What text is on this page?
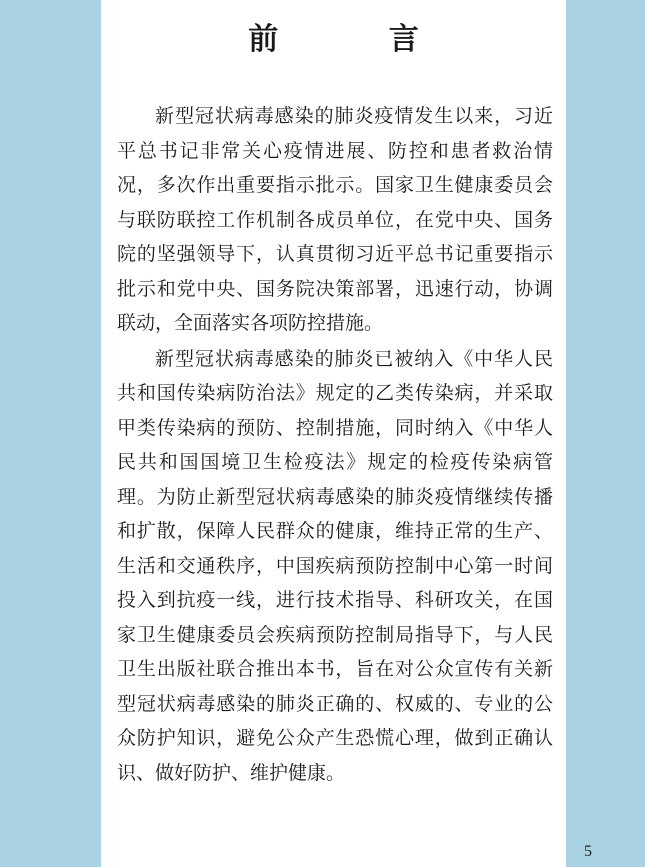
前 言

新型冠状病毒感染的肺炎疫情发生以来，习近平总书记非常关心疫情进展、防控和患者救治情况，多次作出重要指示批示。国家卫生健康委员会与联防联控工作机制各成员单位，在党中央、国务院的坚强领导下，认真贯彻习近平总书记重要指示批示和党中央、国务院决策部署，迅速行动，协调联动，全面落实各项防控措施。

新型冠状病毒感染的肺炎已被纳入《中华人民共和国传染病防治法》规定的乙类传染病，并采取甲类传染病的预防、控制措施，同时纳入《中华人民共和国国境卫生检疫法》规定的检疫传染病管理。为防止新型冠状病毒感染的肺炎疫情继续传播和扩散，保障人民群众的健康，维持正常的生产、生活和交通秩序，中国疾病预防控制中心第一时间投入到抗疫一线，进行技术指导、科研攻关，在国家卫生健康委员会疾病预防控制局指导下，与人民卫生出版社联合推出本书，旨在对公众宣传有关新型冠状病毒感染的肺炎正确的、权威的、专业的公众防护知识，避免公众产生恐慌心理，做到正确认识、做好防护、维护健康。

5
